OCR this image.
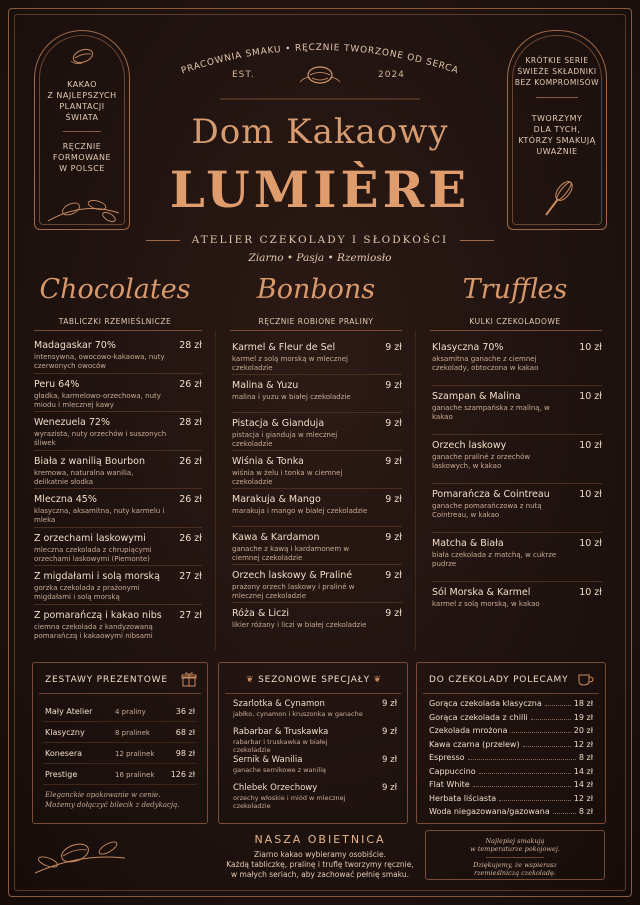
KAKAO
Z NAJLEPSZYCH
PLANTACJI
ŚWIATA
RĘCZNIE
FORMOWANE
W POLSCE
KRÓTKIE SERIE
ŚWIEŻE SKŁADNIKI
BEZ KOMPROMISÓW
TWORZYMY
DLA TYCH,
KTÓRZY SMAKUJĄ
UWAŻNIE
PRACOWNIA SMAKU • RĘCZNIE TWORZONE OD SERCA
EST.	2024
Dom Kakaowy
LUMIÈRE
ATELIER CZEKOLADY I SŁODKOŚCI
Ziarno • Pasja • Rzemiosło
Chocolates
TABLICZKI RZEMIEŚLNICZE
Bonbons
RĘCZNIE ROBIONE PRALINY
Truffles
KULKI CZEKOLADOWE
Madagaskar 70%
intensywna, owocowo-kakaowa, nuty czerwonych owoców
28 zł
Peru 64%
gładka, karmelowo-orzechowa, nuty miodu i mlecznej kawy
26 zł
Wenezuela 72%
wyrazista, nuty orzechów i suszonych śliwek
28 zł
Biała z wanilią Bourbon
kremowa, naturalna wanilia, delikatnie słodka
26 zł
Mleczna 45%
klasyczna, aksamitna, nuty karmelu i mleka
26 zł
Z orzechami laskowymi
mleczna czekolada z chrupiącymi orzechami laskowymi (Piemonte)
26 zł
Z migdałami i solą morską
gorzka czekolada z prażonymi migdałami i solą morską
27 zł
Z pomarańczą i kakao nibs
ciemna czekolada z kandyzowaną pomarańczą i kakaowymi nibsami
27 zł
Karmel & Fleur de Sel
karmel z solą morską w mlecznej czekoladzie
9 zł
Malina & Yuzu
malina i yuzu w białej czekoladzie
9 zł
Pistacja & Gianduja
pistacja i gianduja w mlecznej czekoladzie
9 zł
Wiśnia & Tonka
wiśnia w żelu i tonka w ciemnej czekoladzie
9 zł
Marakuja & Mango
marakuja i mango w białej czekoladzie
9 zł
Kawa & Kardamon
ganache z kawą i kardamonem w ciemnej czekoladzie
9 zł
Orzech laskowy & Praliné
prażony orzech laskowy i praliné w mlecznej czekoladzie
9 zł
Róża & Liczi
likier różany i liczi w białej czekoladzie
9 zł
Klasyczna 70%
aksamitna ganache z ciemnej czekolady, obtoczona w kakao
10 zł
Szampan & Malina
ganache szampańska z maliną, w kakao
10 zł
Orzech laskowy
ganache praliné z orzechów laskowych, w kakao
10 zł
Pomarańcza & Cointreau
ganache pomarańczowa z nutą Cointreau, w kakao
10 zł
Matcha & Biała
biała czekolada z matchą, w cukrze pudrze
10 zł
Sól Morska & Karmel
karmel z solą morską, w kakao
10 zł
ZESTAWY PREZENTOWE
Mały Atelier	4 praliny	36 zł
Klasyczny	8 pralinek	68 zł
Konesera	12 pralinek	98 zł
Prestige	16 pralinek 126 zł
Eleganckie opakowanie w cenie.
Możemy dołączyć bilecik z dedykacją.
❦ SEZONOWE SPECJAŁY ❦
Szarlotka & Cynamon
jabłko, cynamon i kruszonka w ganache
9 zł
Rabarbar & Truskawka
rabarbar i truskawka w białej czekoladzie
9 zł
Sernik & Wanilia
ganache sernikowe z wanilią
9 zł
Chlebek Orzechowy
orzechy włoskie i miód w mlecznej czekoladzie
9 zł
DO CZEKOLADY POLECAMY
Gorąca czekolada klasyczna	18 zł
Gorąca czekolada z chilli	19 zł
Czekolada mrożona	20 zł
Kawa czarna (przelew)	12 zł
Espresso	8 zł
Cappuccino	14 zł
Flat White	14 zł
Herbata liściasta	12 zł
Woda niegazowana/gazowana	8 zł
NASZA OBIETNICA
Ziarno kakao wybieramy osobiście.
Każdą tabliczkę, pralinę i truflę tworzymy ręcznie,
w małych seriach, aby zachować pełnię smaku.
Najlepiej smakują
w temperaturze pokojowej.
Dziękujemy, że wspierasz
rzemieślniczą czekoladę.
